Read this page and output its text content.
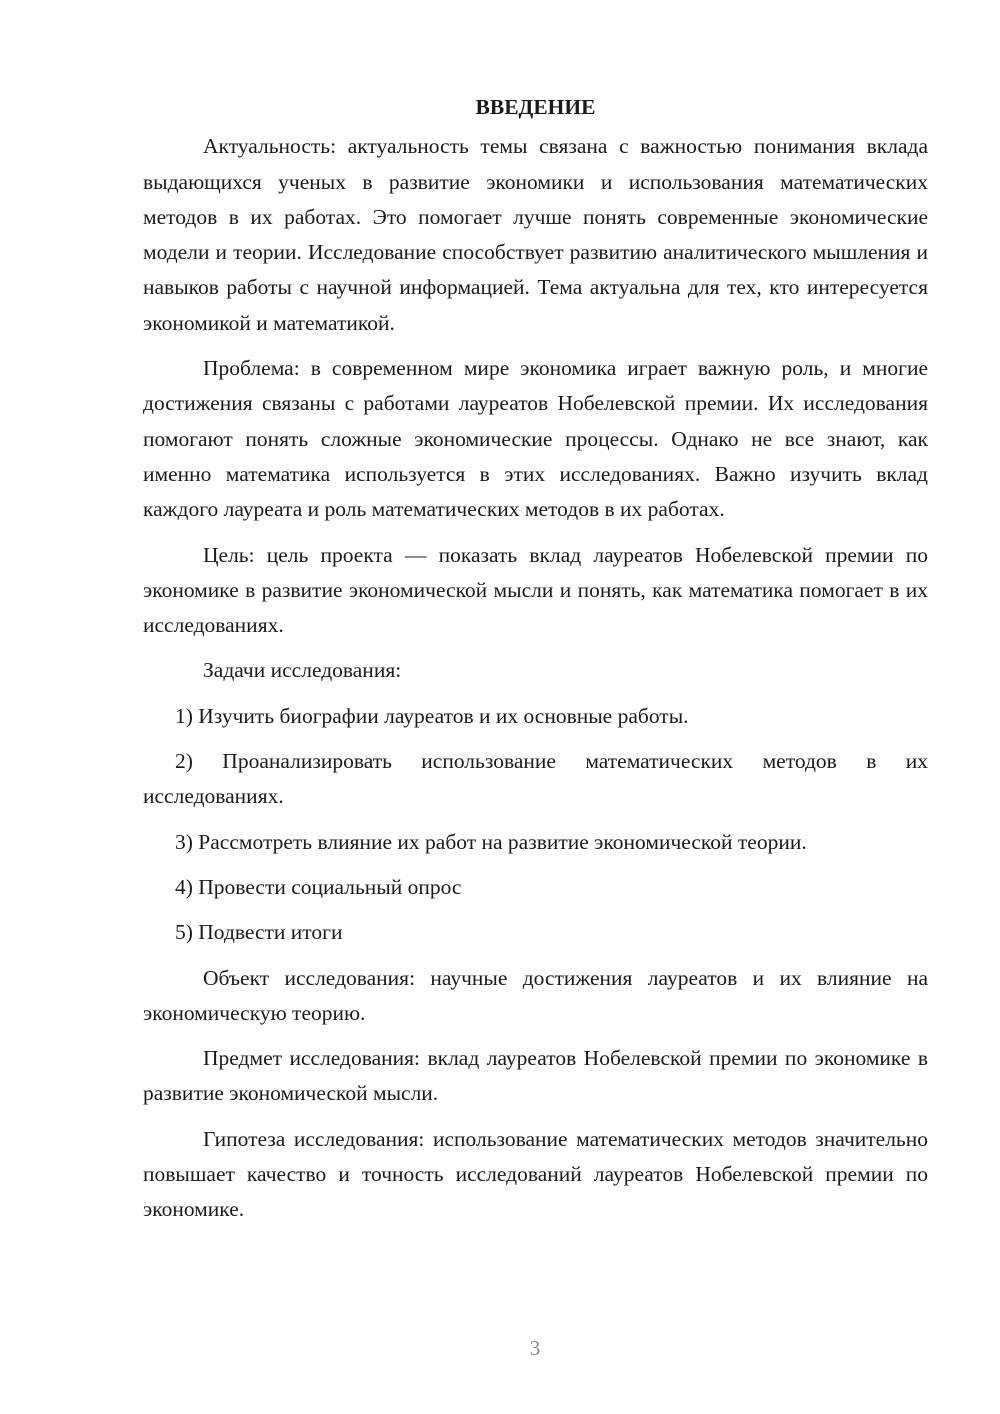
ВВЕДЕНИЕ

Актуальность: актуальность темы связана с важностью понимания вклада выдающихся ученых в развитие экономики и использования математических методов в их работах. Это помогает лучше понять современные экономические модели и теории. Исследование способствует развитию аналитического мышления и навыков работы с научной информацией. Тема актуальна для тех, кто интересуется экономикой и математикой.

Проблема: в современном мире экономика играет важную роль, и многие достижения связаны с работами лауреатов Нобелевской премии. Их исследования помогают понять сложные экономические процессы. Однако не все знают, как именно математика используется в этих исследованиях. Важно изучить вклад каждого лауреата и роль математических методов в их работах.

Цель: цель проекта — показать вклад лауреатов Нобелевской премии по экономике в развитие экономической мысли и понять, как математика помогает в их исследованиях.

Задачи исследования:

1) Изучить биографии лауреатов и их основные работы.

2) Проанализировать использование математических методов в их исследованиях.

3) Рассмотреть влияние их работ на развитие экономической теории.

4) Провести социальный опрос

5) Подвести итоги

Объект исследования: научные достижения лауреатов и их влияние на экономическую теорию.

Предмет исследования: вклад лауреатов Нобелевской премии по экономике в развитие экономической мысли.

Гипотеза исследования: использование математических методов значительно повышает качество и точность исследований лауреатов Нобелевской премии по экономике.

3
